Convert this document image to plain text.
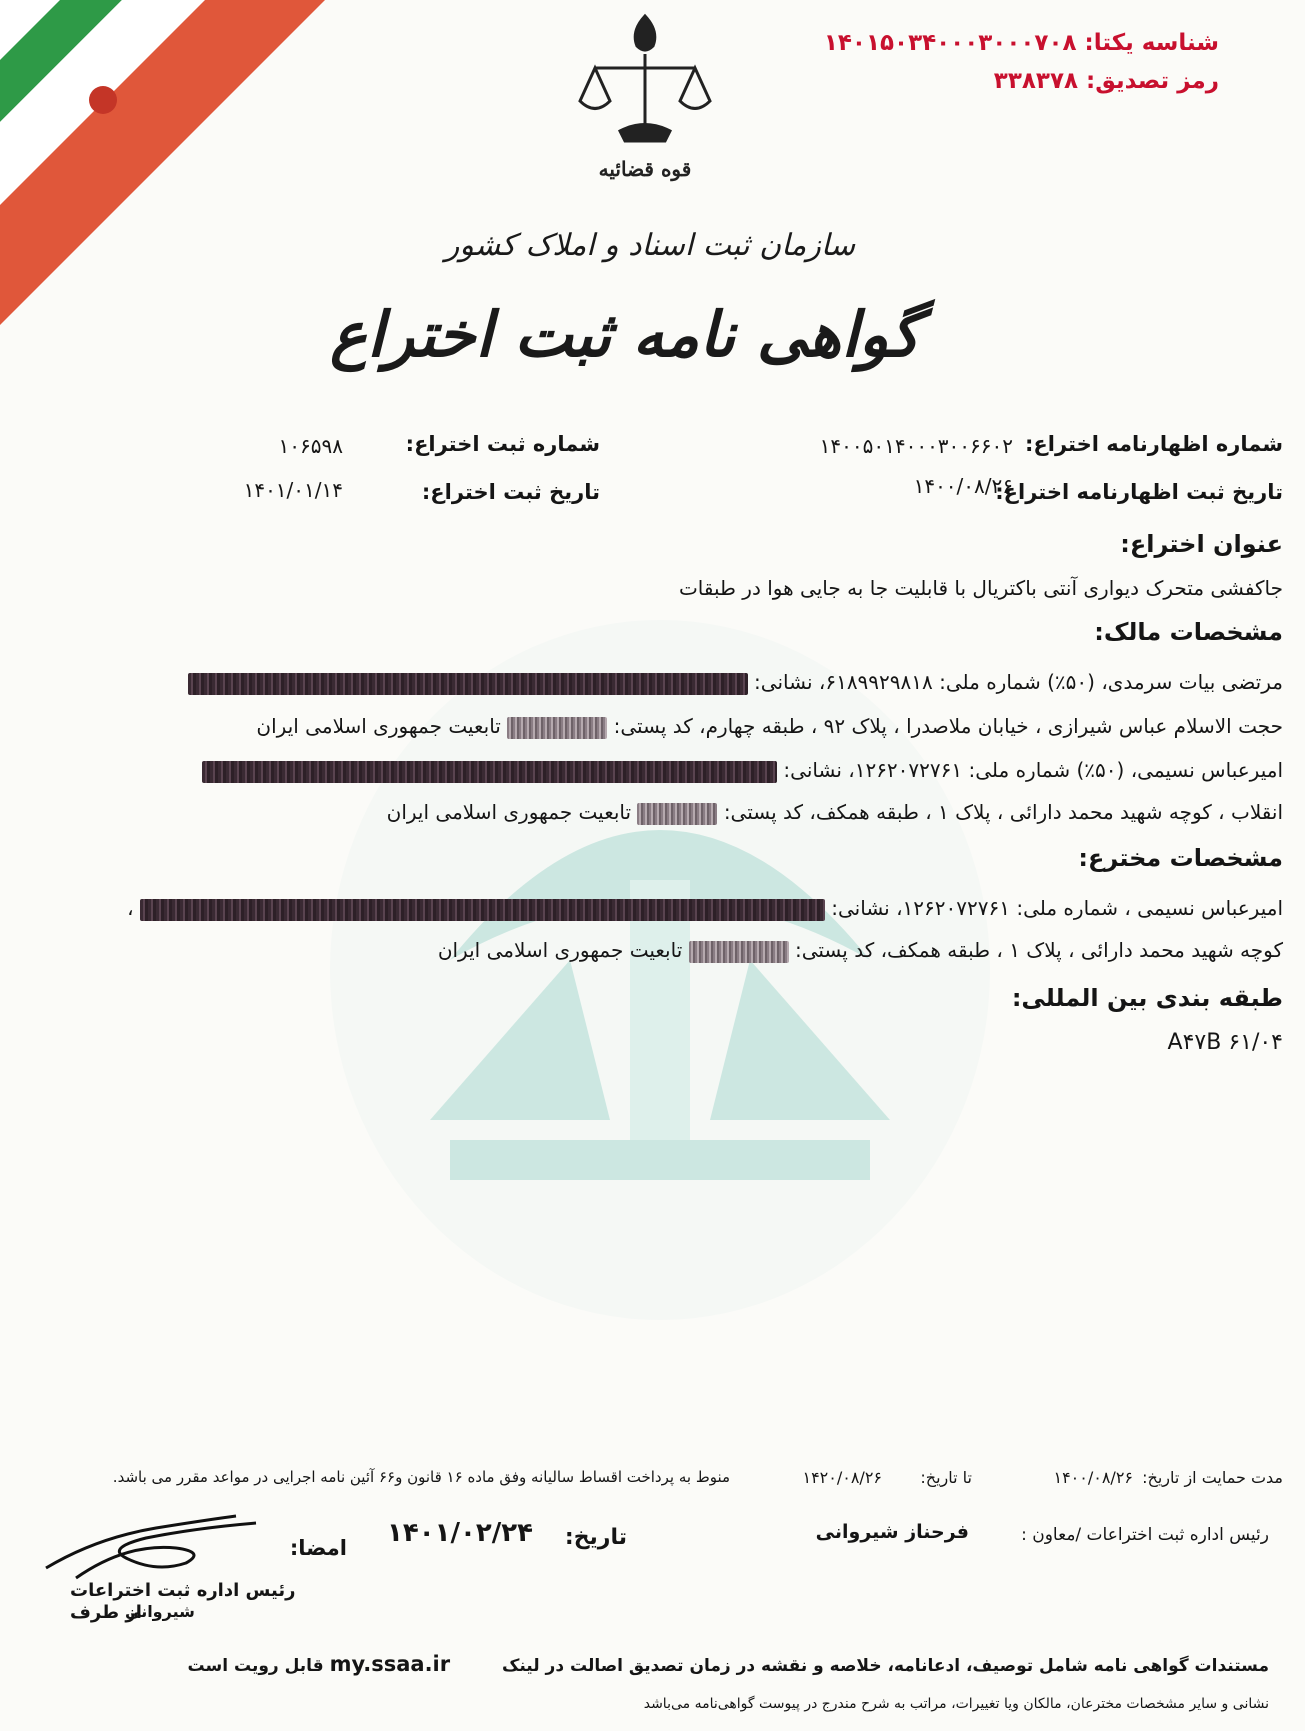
قوه قضائیه
شناسه یکتا: ۱۴۰۱۵۰۳۴۰۰۰۳۰۰۰۷۰۸
رمز تصدیق: ۳۳۸۳۷۸
سازمان ثبت اسناد و املاک کشور
گواهی نامه ثبت اختراع
شماره اظهارنامه اختراع:
۱۴۰۰۵۰۱۴۰۰۰۳۰۰۶۶۰۲
شماره ثبت اختراع:
۱۰۶۵۹۸
تاریخ ثبت اظهارنامه اختراع:
۱۴۰۰/۰۸/۲۶
تاریخ ثبت اختراع:
۱۴۰۱/۰۱/۱۴
عنوان اختراع:
جاکفشی متحرک دیواری آنتی باکتریال با قابلیت جا به جایی هوا در طبقات
مشخصات مالک:
مرتضی بیات سرمدی، (۵۰٪) شماره ملی: ۶۱۸۹۹۲۹۸۱۸، نشانی:
حجت الاسلام عباس شیرازی ، خیابان ملاصدرا ، پلاک ۹۲ ، طبقه چهارم، کد پستی:  تابعیت جمهوری اسلامی ایران
امیرعباس نسیمی، (۵۰٪) شماره ملی: ۱۲۶۲۰۷۲۷۶۱، نشانی:
انقلاب ، کوچه شهید محمد دارائی ، پلاک ۱ ، طبقه همکف، کد پستی:  تابعیت جمهوری اسلامی ایران
مشخصات مخترع:
امیرعباس نسیمی ، شماره ملی: ۱۲۶۲۰۷۲۷۶۱، نشانی:  ،
کوچه شهید محمد دارائی ، پلاک ۱ ، طبقه همکف، کد پستی:  تابعیت جمهوری اسلامی ایران
طبقه بندی بین المللی:
A۴۷B ۶۱/۰۴
مدت حمایت از تاریخ:
۱۴۰۰/۰۸/۲۶
تا تاریخ:
۱۴۲۰/۰۸/۲۶
منوط به پرداخت اقساط سالیانه وفق ماده ۱۶ قانون و۶۶ آئین نامه اجرایی در مواعد مقرر می باشد.
رئیس اداره ثبت اختراعات /معاون :
فرحناز شیروانی
تاریخ:
۱۴۰۱/۰۲/۲۴
امضا:
رئیس اداره ثبت اختراعات
از طرف
شیروانی
مستندات گواهی نامه شامل توصیف، ادعانامه، خلاصه و نقشه در زمان تصدیق اصالت در لینک  my.ssaa.ir قابل رویت است
نشانی و سایر مشخصات مخترعان، مالکان ویا تغییرات، مراتب به شرح مندرج در پیوست گواهی‌نامه می‌باشد
